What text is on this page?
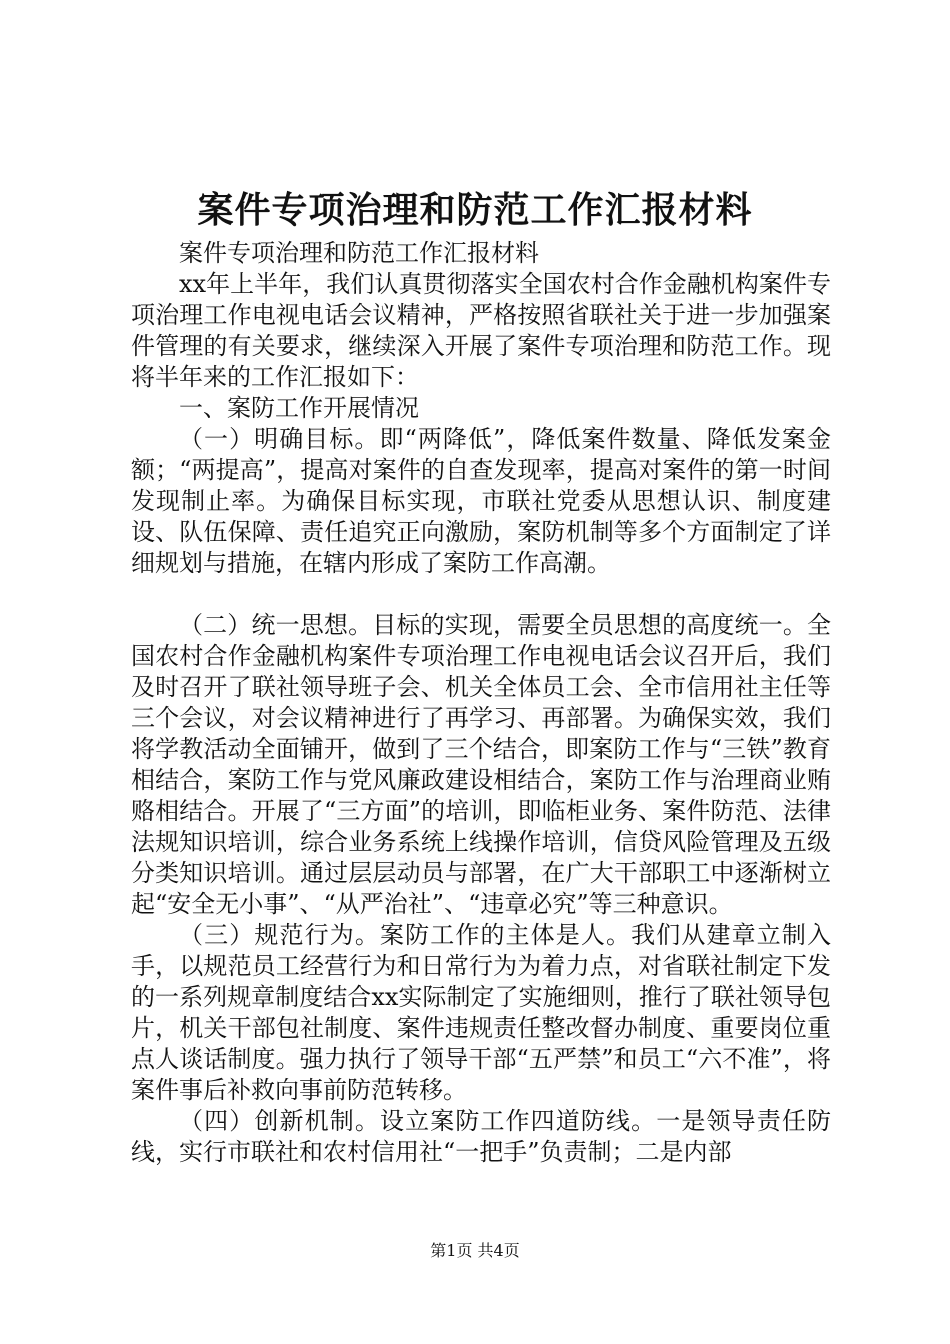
案件专项治理和防范工作汇报材料

案件专项治理和防范工作汇报材料

xx年上半年，我们认真贯彻落实全国农村合作金融机构案件专项治理工作电视电话会议精神，严格按照省联社关于进一步加强案件管理的有关要求，继续深入开展了案件专项治理和防范工作。现将半年来的工作汇报如下：

一、案防工作开展情况

（一）明确目标。即“两降低”，降低案件数量、降低发案金额；“两提高”，提高对案件的自查发现率，提高对案件的第一时间发现制止率。为确保目标实现，市联社党委从思想认识、制度建设、队伍保障、责任追究正向激励，案防机制等多个方面制定了详细规划与措施，在辖内形成了案防工作高潮。

（二）统一思想。目标的实现，需要全员思想的高度统一。全国农村合作金融机构案件专项治理工作电视电话会议召开后，我们及时召开了联社领导班子会、机关全体员工会、全市信用社主任等三个会议，对会议精神进行了再学习、再部署。为确保实效，我们将学教活动全面铺开，做到了三个结合，即案防工作与“三铁”教育相结合，案防工作与党风廉政建设相结合，案防工作与治理商业贿赂相结合。开展了“三方面”的培训，即临柜业务、案件防范、法律法规知识培训，综合业务系统上线操作培训，信贷风险管理及五级分类知识培训。通过层层动员与部署，在广大干部职工中逐渐树立起“安全无小事”、“从严治社”、“违章必究”等三种意识。

（三）规范行为。案防工作的主体是人。我们从建章立制入手，以规范员工经营行为和日常行为为着力点，对省联社制定下发的一系列规章制度结合xx实际制定了实施细则，推行了联社领导包片，机关干部包社制度、案件违规责任整改督办制度、重要岗位重点人谈话制度。强力执行了领导干部“五严禁”和员工“六不准”，将案件事后补救向事前防范转移。

（四）创新机制。设立案防工作四道防线。一是领导责任防线，实行市联社和农村信用社“一把手”负责制；二是内部

第1页 共4页
